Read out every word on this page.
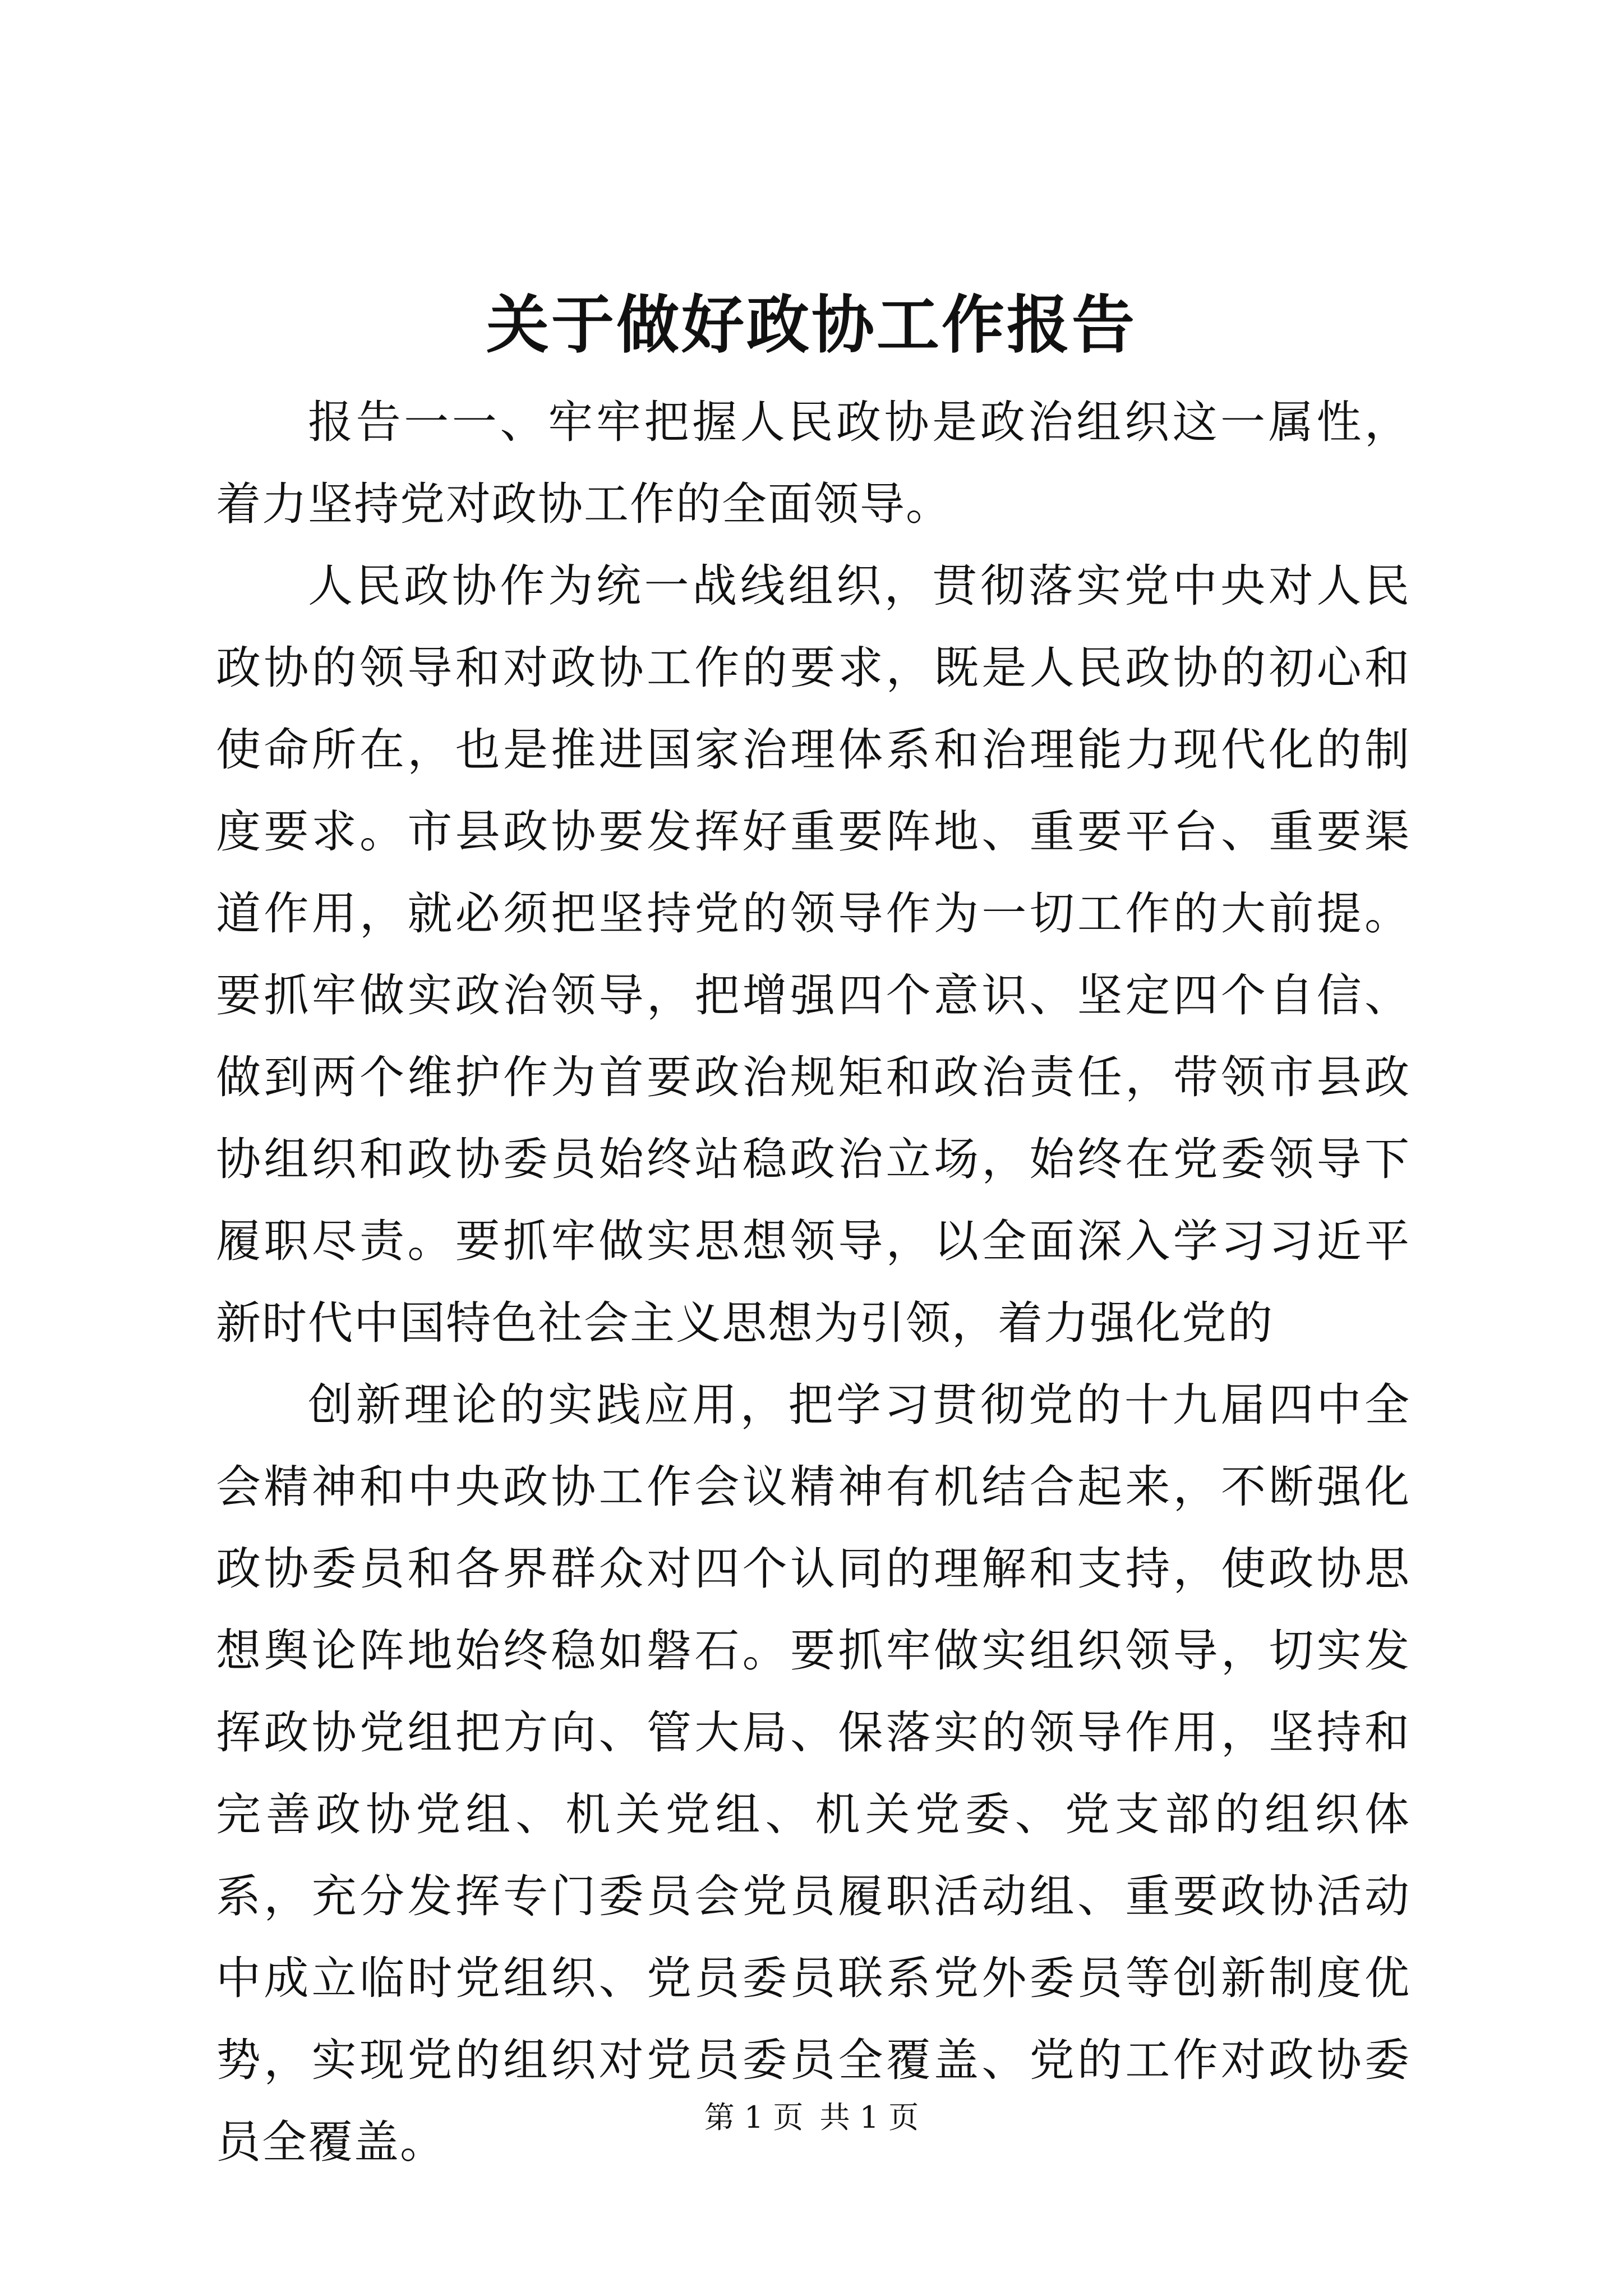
关于做好政协工作报告

报告一一、牢牢把握人民政协是政治组织这一属性，着力坚持党对政协工作的全面领导。

人民政协作为统一战线组织，贯彻落实党中央对人民政协的领导和对政协工作的要求，既是人民政协的初心和使命所在，也是推进国家治理体系和治理能力现代化的制度要求。市县政协要发挥好重要阵地、重要平台、重要渠道作用，就必须把坚持党的领导作为一切工作的大前提。要抓牢做实政治领导，把增强四个意识、坚定四个自信、做到两个维护作为首要政治规矩和政治责任，带领市县政协组织和政协委员始终站稳政治立场，始终在党委领导下履职尽责。要抓牢做实思想领导，以全面深入学习习近平新时代中国特色社会主义思想为引领，着力强化党的

创新理论的实践应用，把学习贯彻党的十九届四中全会精神和中央政协工作会议精神有机结合起来，不断强化政协委员和各界群众对四个认同的理解和支持，使政协思想舆论阵地始终稳如磐石。要抓牢做实组织领导，切实发挥政协党组把方向、管大局、保落实的领导作用，坚持和完善政协党组、机关党组、机关党委、党支部的组织体系，充分发挥专门委员会党员履职活动组、重要政协活动中成立临时党组织、党员委员联系党外委员等创新制度优势，实现党的组织对党员委员全覆盖、党的工作对政协委员全覆盖。	第 1 页 共 1 页
